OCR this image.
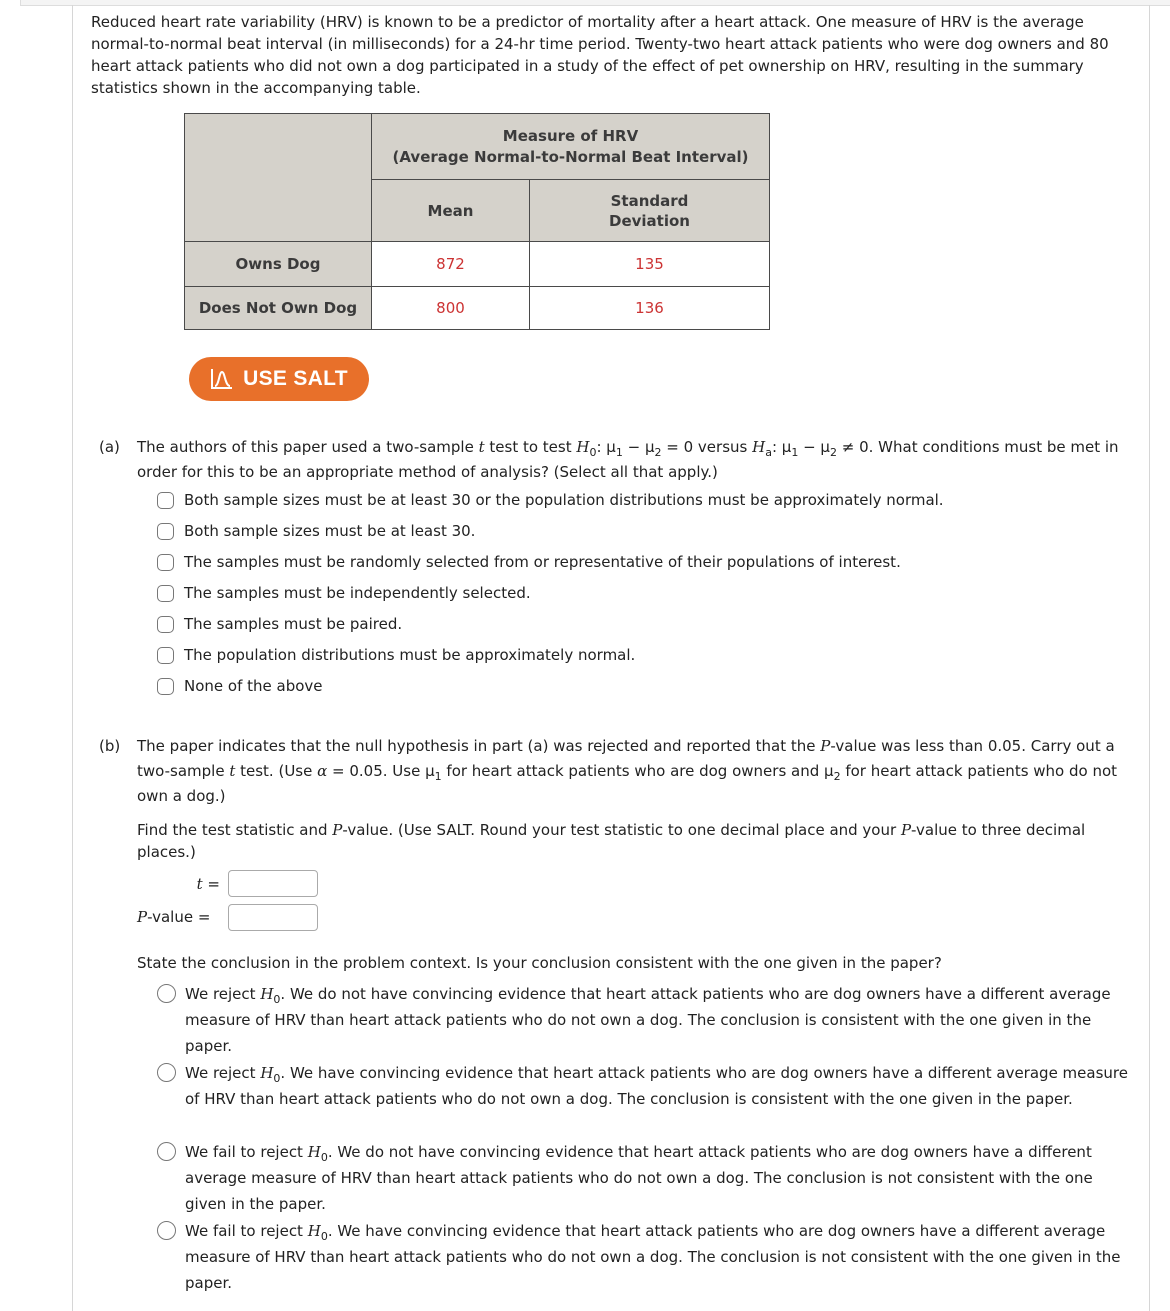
Reduced heart rate variability (HRV) is known to be a predictor of mortality after a heart attack. One measure of HRV is the average normal-to-normal beat interval (in milliseconds) for a 24-hr time period. Twenty-two heart attack patients who were dog owners and 80 heart attack patients who did not own a dog participated in a study of the effect of pet ownership on HRV, resulting in the summary statistics shown in the accompanying table.

	Measure of HRV
(Average Normal-to-Normal Beat Interval)	

	Mean	Standard
Deviation

Owns Dog	872	135
Does Not Own Dog	800	136
USE SALT
(a) The authors of this paper used a two-sample t test to test $H_0$: $\mu_1 - \mu_2 = 0$ versus $H_a$: $\mu_1 - \mu_2 \ne 0$. What conditions must be met in order for this to be an appropriate method of analysis? (Select all that apply.)
Both sample sizes must be at least 30 or the population distributions must be approximately normal.
Both sample sizes must be at least 30.
The samples must be randomly selected from or representative of their populations of interest.
The samples must be independently selected.
The samples must be paired.
The population distributions must be approximately normal.
None of the above
(b) The paper indicates that the null hypothesis in part (a) was rejected and reported that the P-value was less than 0.05. Carry out a two-sample t test. (Use α = 0.05. Use $\mu_1$ for heart attack patients who are dog owners and $\mu_2$ for heart attack patients who do not own a dog.)
Find the test statistic and P-value. (Use SALT. Round your test statistic to one decimal place and your P-value to three decimal places.)
t =
P-value =
State the conclusion in the problem context. Is your conclusion consistent with the one given in the paper?
We reject $H_0$. We do not have convincing evidence that heart attack patients who are dog owners have a different average measure of HRV than heart attack patients who do not own a dog. The conclusion is consistent with the one given in the paper.
We reject $H_0$. We have convincing evidence that heart attack patients who are dog owners have a different average measure of HRV than heart attack patients who do not own a dog. The conclusion is consistent with the one given in the paper.
We fail to reject $H_0$. We do not have convincing evidence that heart attack patients who are dog owners have a different average measure of HRV than heart attack patients who do not own a dog. The conclusion is not consistent with the one given in the paper.
We fail to reject $H_0$. We have convincing evidence that heart attack patients who are dog owners have a different average measure of HRV than heart attack patients who do not own a dog. The conclusion is not consistent with the one given in the paper.
